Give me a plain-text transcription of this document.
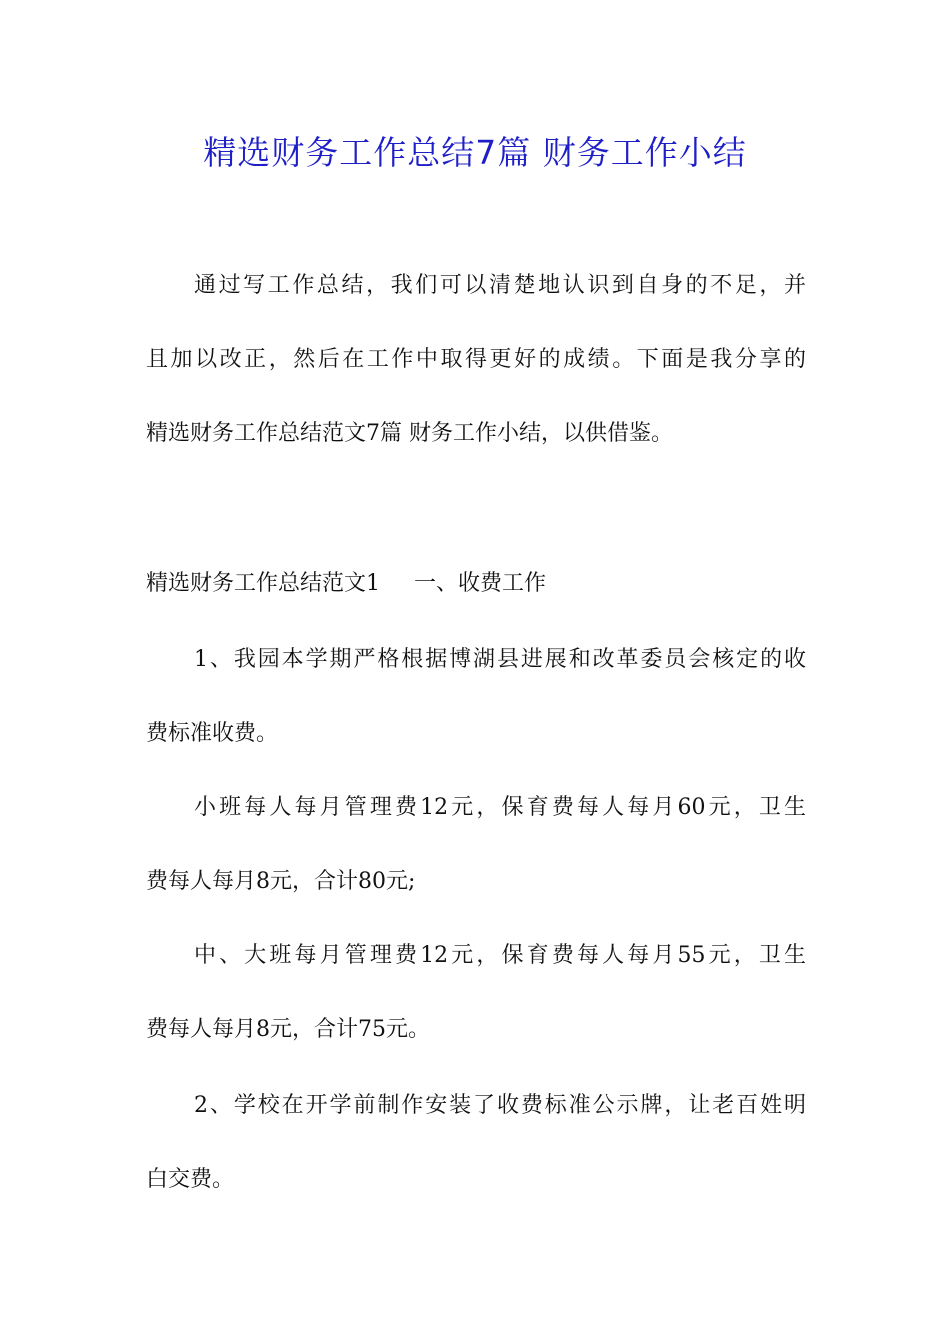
精选财务工作总结7篇 财务工作小结
通过写工作总结，我们可以清楚地认识到自身的不足，并
且加以改正，然后在工作中取得更好的成绩。下面是我分享的
精选财务工作总结范文7篇 财务工作小结，以供借鉴。
精选财务工作总结范文1 一、收费工作
1、我园本学期严格根据博湖县进展和改革委员会核定的收
费标准收费。
小班每人每月管理费12元，保育费每人每月60元，卫生
费每人每月8元，合计80元;
中、大班每月管理费12元，保育费每人每月55元，卫生
费每人每月8元，合计75元。
2、学校在开学前制作安装了收费标准公示牌，让老百姓明
白交费。
